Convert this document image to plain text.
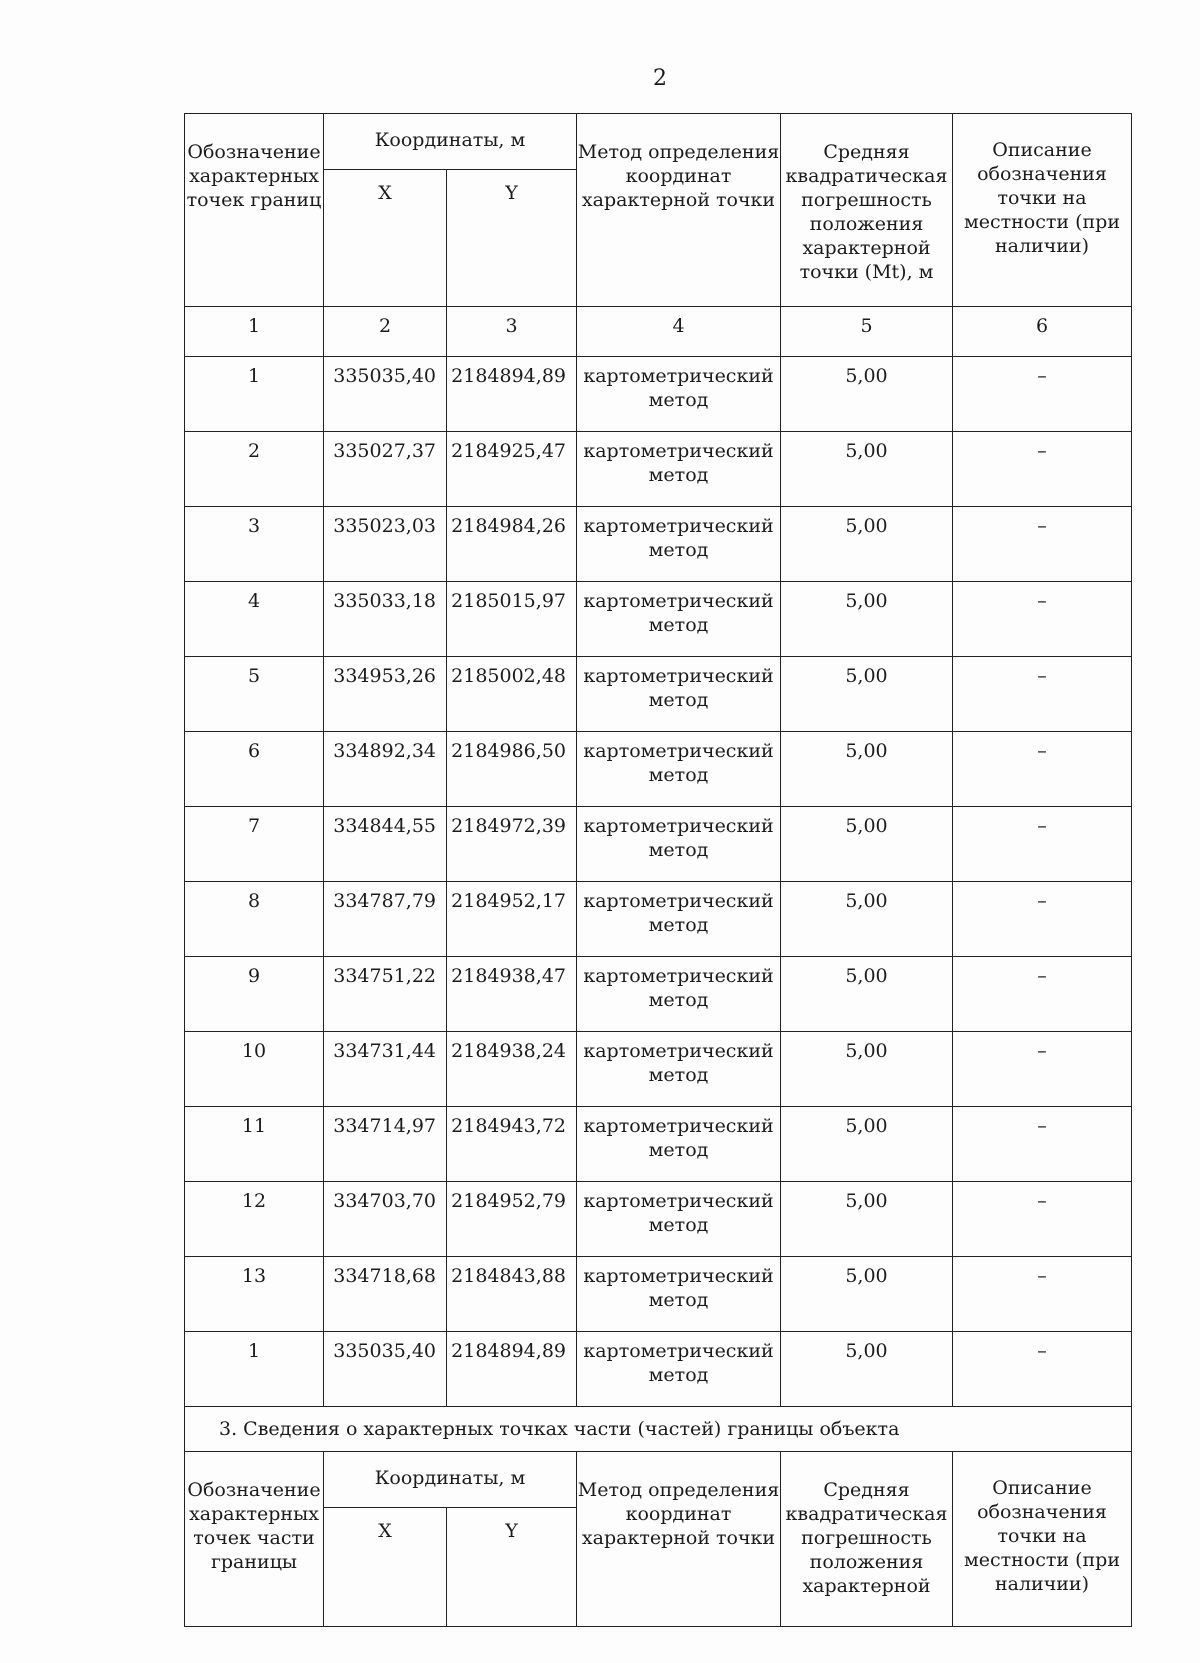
2
Обозначение характерных точек границ	Координаты, м		Метод определения координат характерной точки	Средняя квадратическая погрешность положения характерной точки (Mt), м	Описание обозначения точки на местности (при наличии)
	X	Y			
1	2	3	4	5	6
1	335035,40	2184894,89	картометрический метод	5,00	–
2	335027,37	2184925,47	картометрический метод	5,00	–
3	335023,03	2184984,26	картометрический метод	5,00	–
4	335033,18	2185015,97	картометрический метод	5,00	–
5	334953,26	2185002,48	картометрический метод	5,00	–
6	334892,34	2184986,50	картометрический метод	5,00	–
7	334844,55	2184972,39	картометрический метод	5,00	–
8	334787,79	2184952,17	картометрический метод	5,00	–
9	334751,22	2184938,47	картометрический метод	5,00	–
10	334731,44	2184938,24	картометрический метод	5,00	–
11	334714,97	2184943,72	картометрический метод	5,00	–
12	334703,70	2184952,79	картометрический метод	5,00	–
13	334718,68	2184843,88	картометрический метод	5,00	–
1	335035,40	2184894,89	картометрический метод	5,00	–
3. Сведения о характерных точках части (частей) границы объекта					
Обозначение характерных точек части границы	Координаты, м		Метод определения координат характерной точки	Средняя квадратическая погрешность положения характерной	Описание обозначения точки на местности (при наличии)
	X	Y			
